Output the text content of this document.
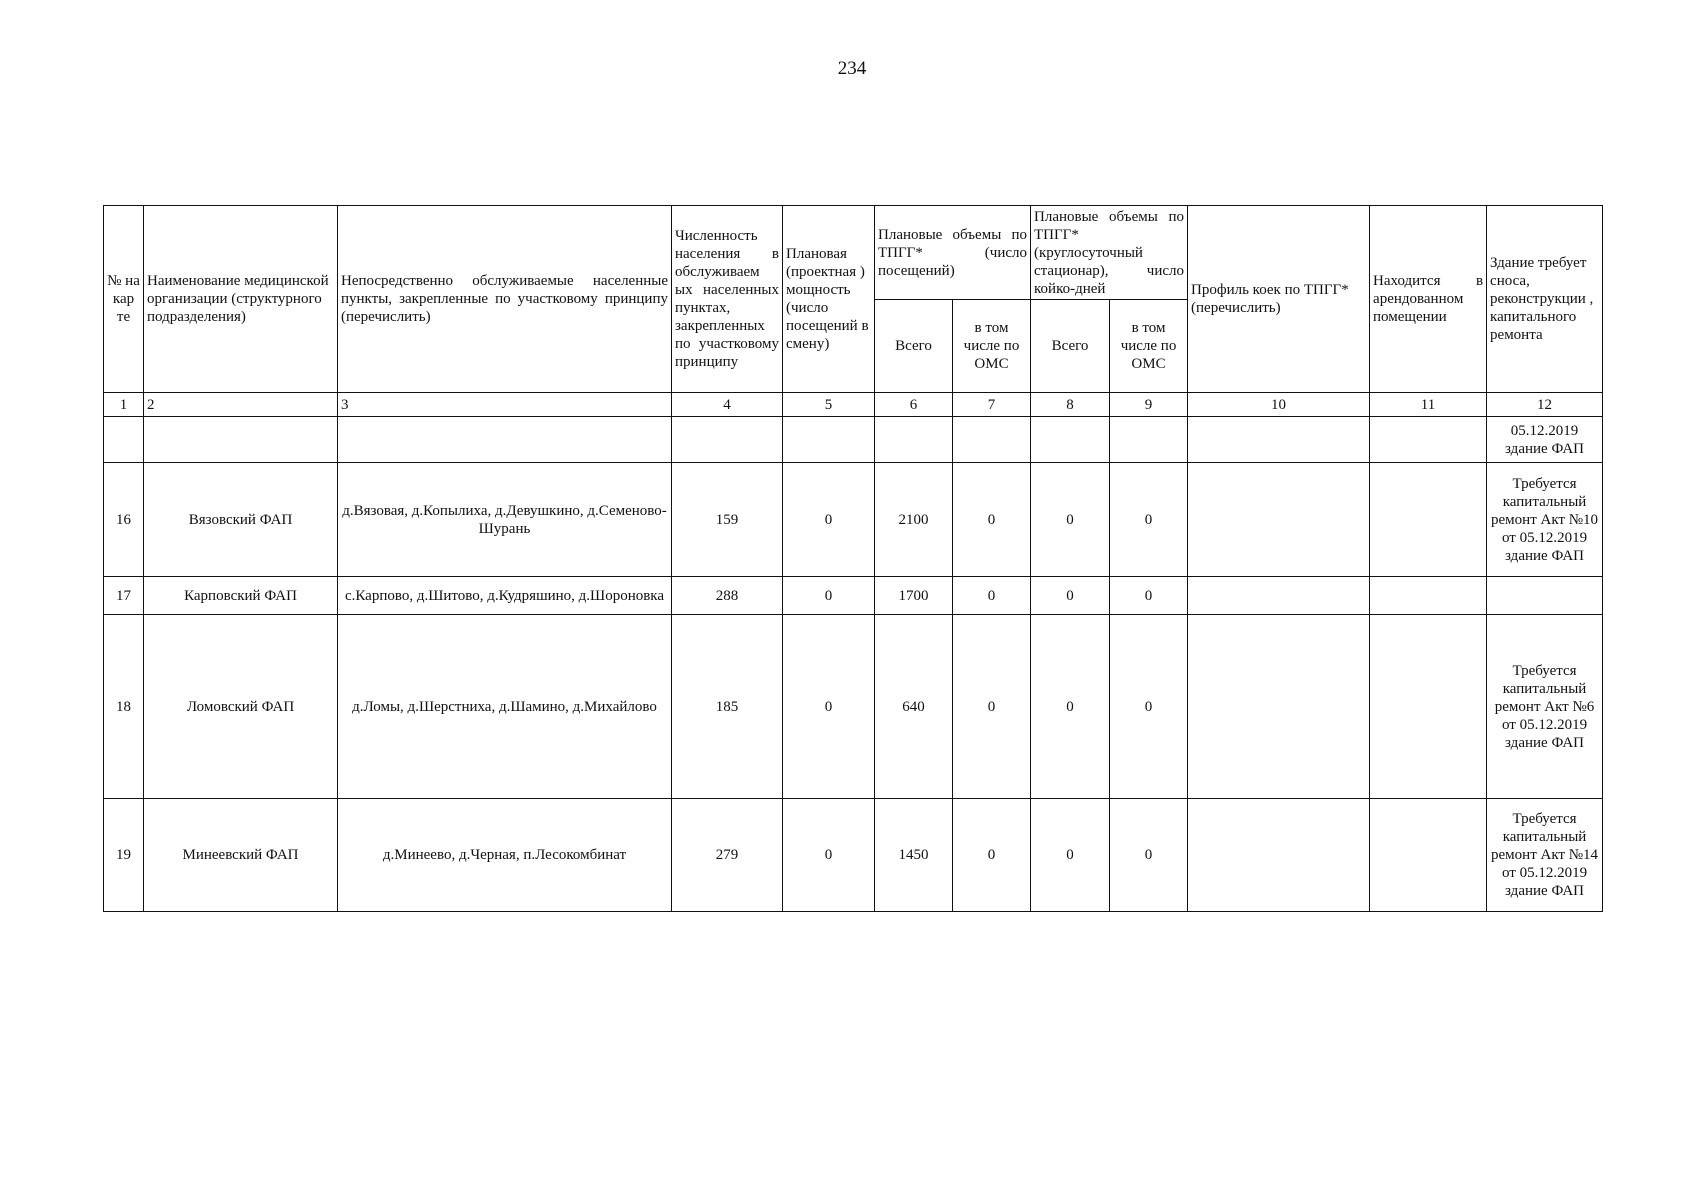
234
№ на кар те	Наименование медицинской организации (структурного подразделения)	Непосредственно обслуживаемые населенные пункты, закрепленные по участковому принципу (перечислить)	Численность населения в обслуживаем ых населенных пунктах, закрепленных по участковому принципу	Плановая (проектная ) мощность (число посещений в смену)	Плановые объемы по ТПГГ* (число посещений)		Плановые объемы по ТПГГ* (круглосуточный стационар), число койко-дней		Профиль коек по ТПГГ* (перечислить)	Находится в арендованном помещении	Здание требует сноса, реконструкции , капитального ремонта
					Всего	в том числе по ОМС	Всего	в том числе по ОМС			
1	2	3	4	5	6	7	8	9	10	11	12
											05.12.2019 здание ФАП
16	Вязовский ФАП	д.Вязовая, д.Копылиха, д.Девушкино, д.Семеново-Шурань	159	0	2100	0	0	0			Требуется капитальный ремонт Акт №10 от 05.12.2019 здание ФАП
17	Карповский ФАП	с.Карпово, д.Шитово, д.Кудряшино, д.Шороновка	288	0	1700	0	0	0			
18	Ломовский ФАП	д.Ломы, д.Шерстниха, д.Шамино, д.Михайлово	185	0	640	0	0	0			Требуется капитальный ремонт Акт №6 от 05.12.2019 здание ФАП
19	Минеевский ФАП	д.Минеево, д.Черная, п.Лесокомбинат	279	0	1450	0	0	0			Требуется капитальный ремонт Акт №14 от 05.12.2019 здание ФАП
